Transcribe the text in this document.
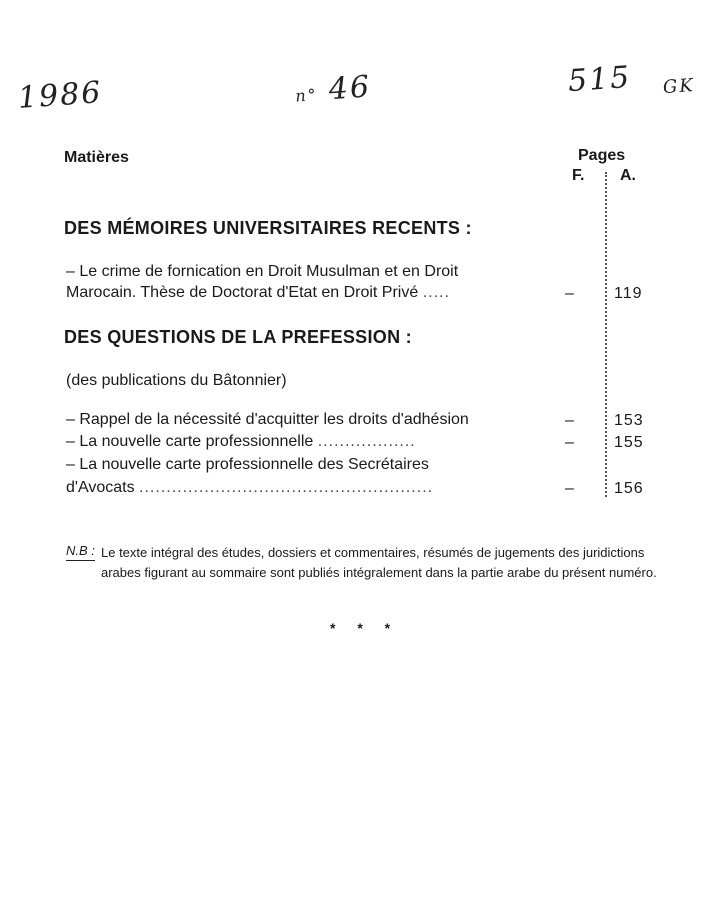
1986	n° 46	515 GK
Matières	Pages
F. A.
DES MÉMOIRES UNIVERSITAIRES RECENTS :
– Le crime de fornication en Droit Musulman et en Droit
Marocain. Thèse de Doctorat d'Etat en Droit Privé .....	–	119
DES QUESTIONS DE LA PREFESSION :
(des publications du Bâtonnier)
– Rappel de la nécessité d'acquitter les droits d'adhésion	–	153
– La nouvelle carte professionnelle ..................	–	155
– La nouvelle carte professionnelle des Secrétaires
d'Avocats ......................................................	–	156
N.B : Le texte intégral des études, dossiers et commentaires, résumés de jugements des juridictions arabes figurant au sommaire sont publiés intégralement dans la partie arabe du présent numéro.
* * *
